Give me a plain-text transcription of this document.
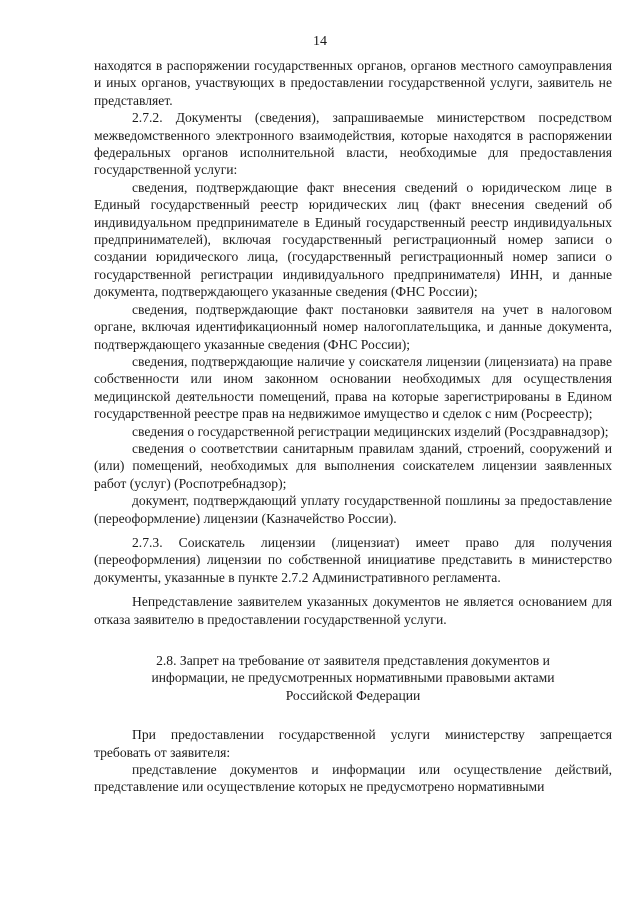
14

находятся в распоряжении государственных органов, органов местного самоуправления и иных органов, участвующих в предоставлении государственной услуги, заявитель не представляет.

2.7.2. Документы (сведения), запрашиваемые министерством посредством межведомственного электронного взаимодействия, которые находятся в распоряжении федеральных органов исполнительной власти, необходимые для предоставления государственной услуги:

сведения, подтверждающие факт внесения сведений о юридическом лице в Единый государственный реестр юридических лиц (факт внесения сведений об индивидуальном предпринимателе в Единый государственный реестр индивидуальных предпринимателей), включая государственный регистрационный номер записи о создании юридического лица, (государственный регистрационный номер записи о государственной регистрации индивидуального предпринимателя) ИНН, и данные документа, подтверждающего указанные сведения (ФНС России);

сведения, подтверждающие факт постановки заявителя на учет в налоговом органе, включая идентификационный номер налогоплательщика, и данные документа, подтверждающего указанные сведения (ФНС России);

сведения, подтверждающие наличие у соискателя лицензии (лицензиата) на праве собственности или ином законном основании необходимых для осуществления медицинской деятельности помещений, права на которые зарегистрированы в Едином государственной реестре прав на недвижимое имущество и сделок с ним (Росреестр);

сведения о государственной регистрации медицинских изделий (Росздравнадзор);

сведения о соответствии санитарным правилам зданий, строений, сооружений и (или) помещений, необходимых для выполнения соискателем лицензии заявленных работ (услуг) (Роспотребнадзор);

документ, подтверждающий уплату государственной пошлины за предоставление (переоформление) лицензии (Казначейство России).

2.7.3. Соискатель лицензии (лицензиат) имеет право для получения (переоформления) лицензии по собственной инициативе представить в министерство документы, указанные в пункте 2.7.2 Административного регламента.

Непредставление заявителем указанных документов не является основанием для отказа заявителю в предоставлении государственной услуги.

2.8. Запрет на требование от заявителя представления документов и
информации, не предусмотренных нормативными правовыми актами
Российской Федерации

При предоставлении государственной услуги министерству запрещается требовать от заявителя:

представление документов и информации или осуществление действий, представление или осуществление которых не предусмотрено нормативными
